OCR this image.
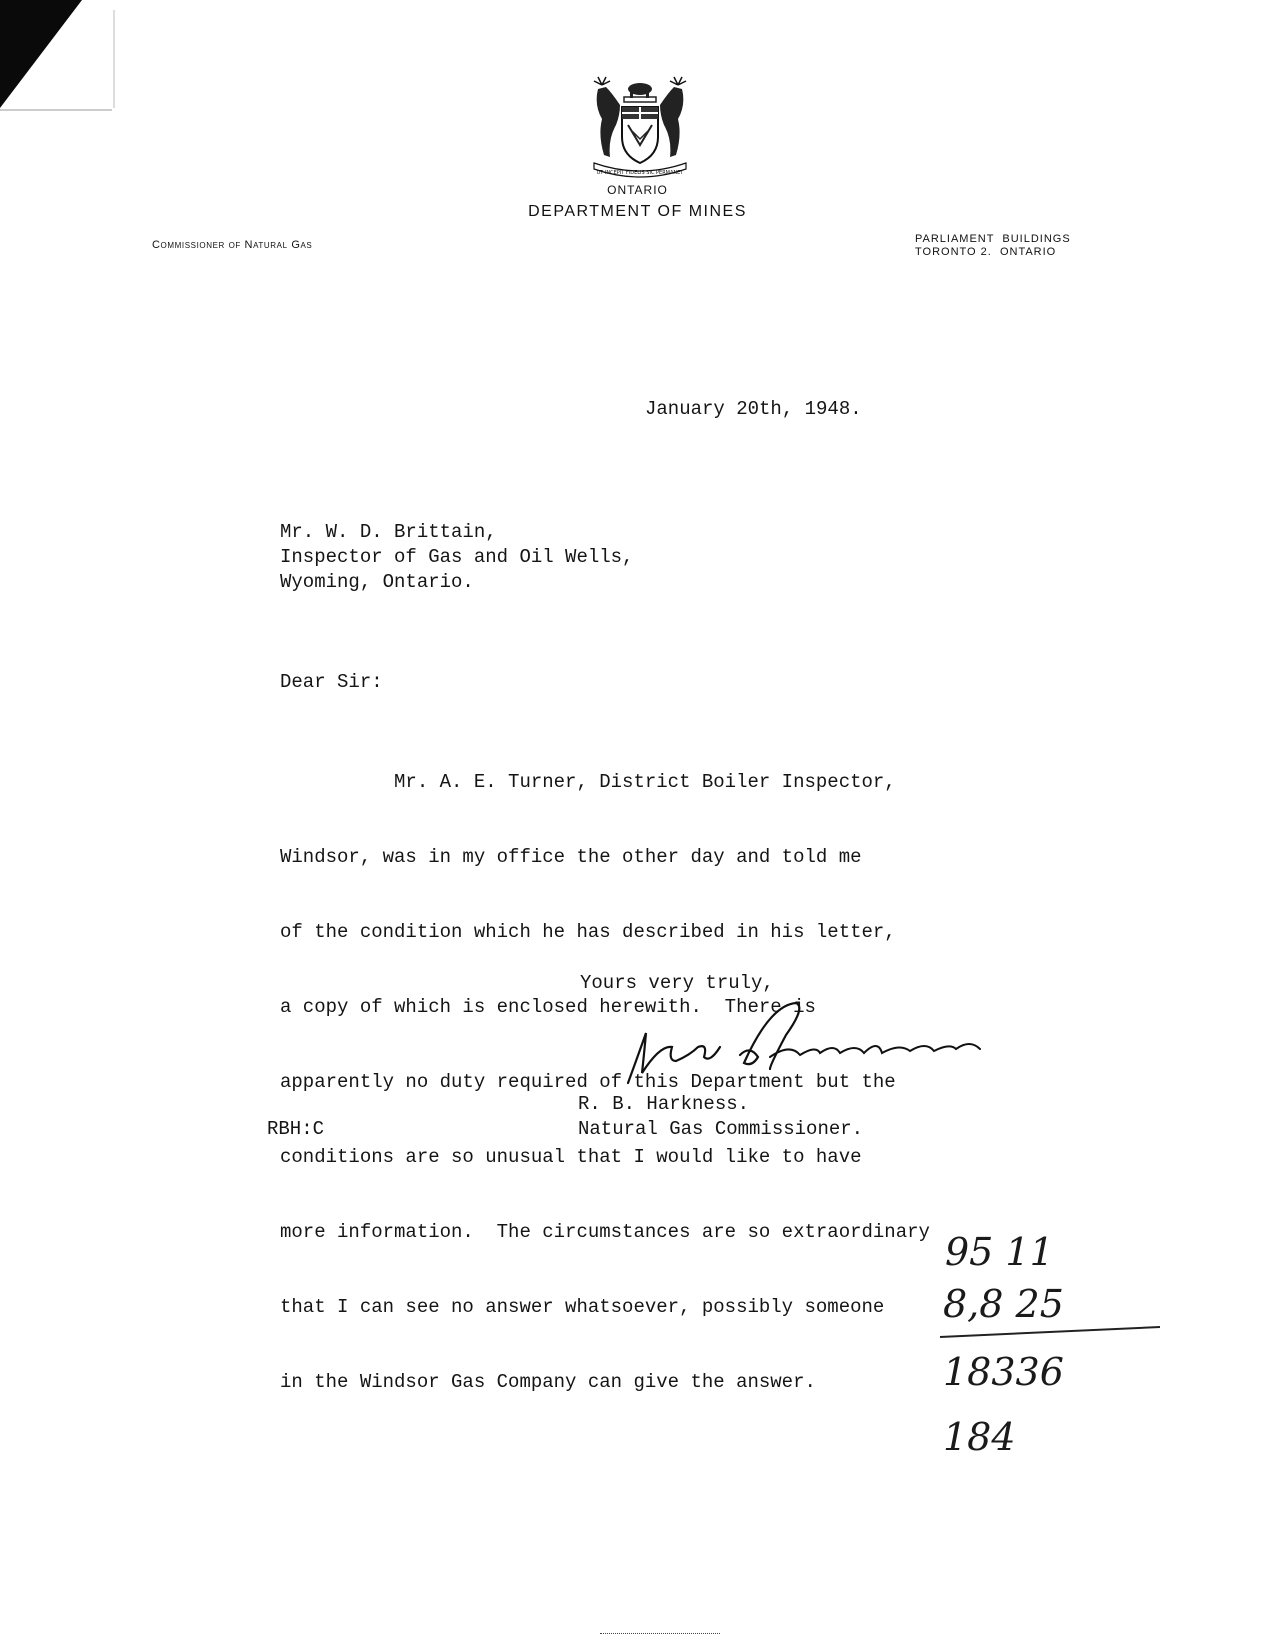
UT INCEPIT FIDELIS SIC PERMANET
ONTARIO
DEPARTMENT OF MINES
Commissioner of Natural Gas	PARLIAMENT  BUILDINGS
TORONTO 2.  ONTARIO
January 20th, 1948.
Mr. W. D. Brittain,
Inspector of Gas and Oil Wells,
Wyoming, Ontario.
Dear Sir:

Mr. A. E. Turner, District Boiler Inspector,

Windsor, was in my office the other day and told me

of the condition which he has described in his letter,

a copy of which is enclosed herewith.  There is

apparently no duty required of this Department but the

conditions are so unusual that I would like to have

more information.  The circumstances are so extraordinary

that I can see no answer whatsoever, possibly someone

in the Windsor Gas Company can give the answer.

Yours very truly,
R. B. Harkness.
Natural Gas Commissioner.
RBH:C
95 11
8,8 25
18336
184
